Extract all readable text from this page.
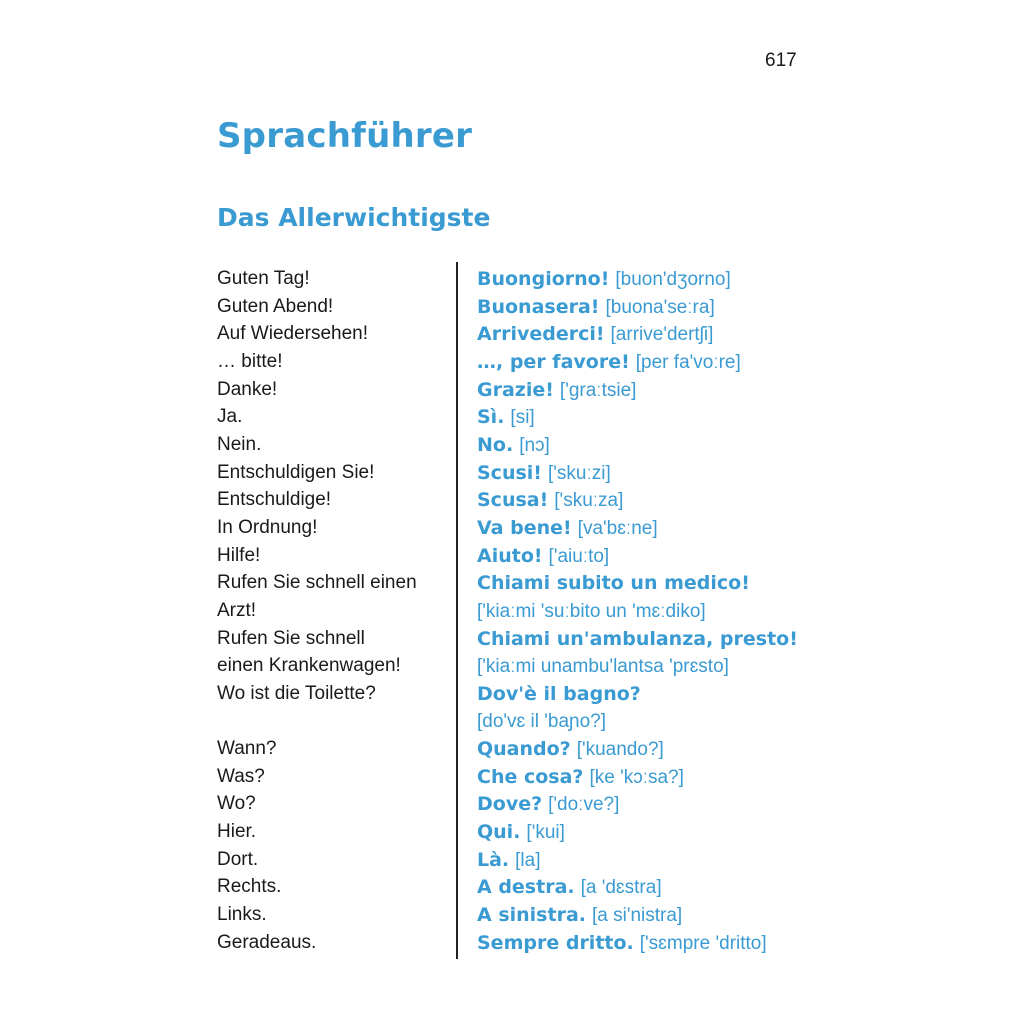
617
Sprachführer
Das Allerwichtigste
Guten Tag!	Buongiorno! [buon'dʒorno]
Guten Abend!	Buonasera! [buona'seːra]
Auf Wiedersehen!	Arrivederci! [arrive'dertʃi]
… bitte!	…, per favore! [per fa'voːre]
Danke!	Grazie! ['graːtsie]
Ja.	Sì. [si]
Nein.	No. [nɔ]
Entschuldigen Sie!	Scusi! ['skuːzi]
Entschuldige!	Scusa! ['skuːza]
In Ordnung!	Va bene! [va'bɛːne]
Hilfe!	Aiuto! ['aiuːto]
Rufen Sie schnell einen	Chiami subito un medico!
Arzt!	['kiaːmi 'suːbito un 'mɛːdiko]
Rufen Sie schnell	Chiami un'ambulanza, presto!
einen Krankenwagen!	['kiaːmi unambu'lantsa 'prɛsto]
Wo ist die Toilette?	Dov'è il bagno?
[do'vɛ il 'baɲo?]
Wann?	Quando? ['kuando?]
Was?	Che cosa? [ke 'kɔːsa?]
Wo?	Dove? ['doːve?]
Hier.	Qui. ['kui]
Dort.	Là. [la]
Rechts.	A destra. [a 'dɛstra]
Links.	A sinistra. [a si'nistra]
Geradeaus.	Sempre dritto. ['sɛmpre 'dritto]
